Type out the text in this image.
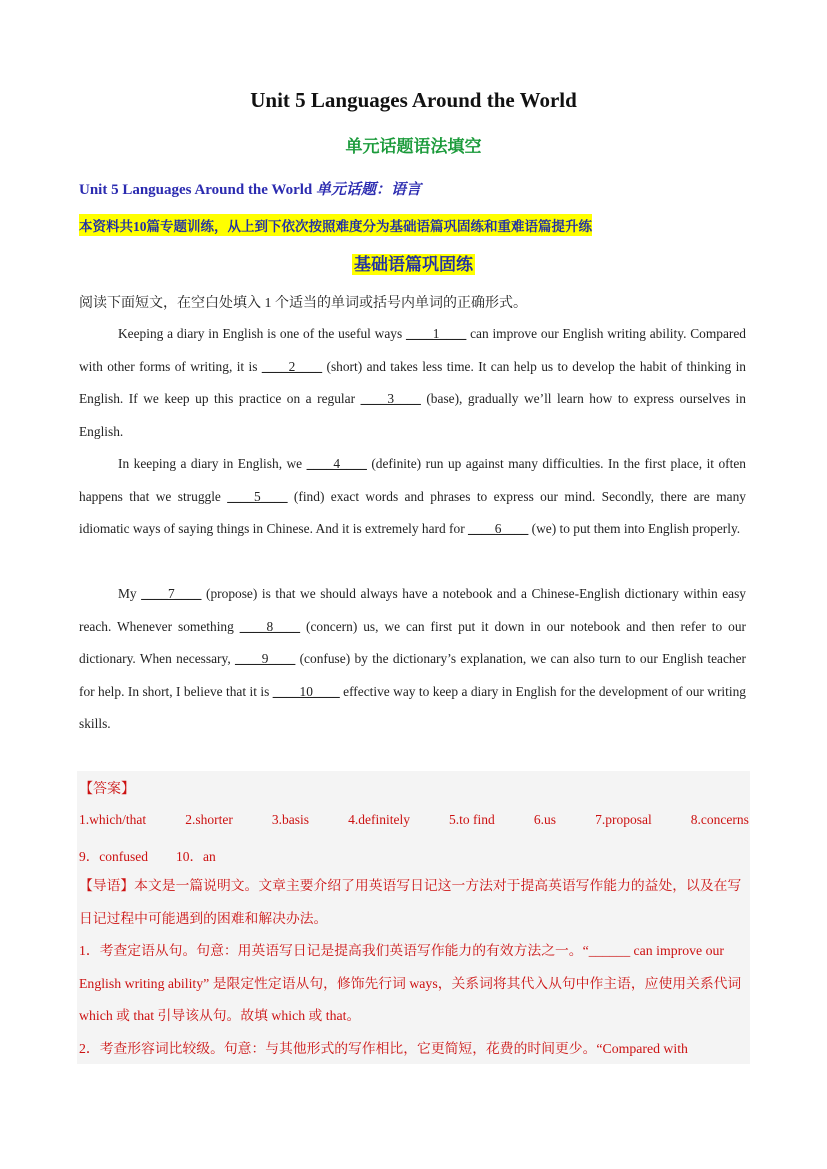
Unit 5 Languages Around the World
单元话题语法填空
Unit 5 Languages Around the World 单元话题：语言
本资料共10篇专题训练，从上到下依次按照难度分为基础语篇巩固练和重难语篇提升练
基础语篇巩固练
阅读下面短文，在空白处填入 1 个适当的单词或括号内单词的正确形式。
Keeping a diary in English is one of the useful ways ____1____ can improve our English writing ability. Compared with other forms of writing, it is ____2____ (short) and takes less time. It can help us to develop the habit of thinking in English. If we keep up this practice on a regular ____3____ (base), gradually we’ll learn how to express ourselves in English.
In keeping a diary in English, we ____4____ (definite) run up against many difficulties. In the first place, it often happens that we struggle ____5____ (find) exact words and phrases to express our mind. Secondly, there are many idiomatic ways of saying things in Chinese. And it is extremely hard for ____6____ (we) to put them into English properly.
My ____7____ (propose) is that we should always have a notebook and a Chinese-English dictionary within easy reach. Whenever something ____8____ (concern) us, we can first put it down in our notebook and then refer to our dictionary. When necessary, ____9____ (confuse) by the dictionary’s explanation, we can also turn to our English teacher for help. In short, I believe that it is ____10____ effective way to keep a diary in English for the development of our writing skills.
【答案】
1.which/that	2.shorter	3.basis	4.definitely	5.to find	6.us	7.proposal	8.concerns
9．confused 10．an
【导语】本文是一篇说明文。文章主要介绍了用英语写日记这一方法对于提高英语写作能力的益处，以及在写日记过程中可能遇到的困难和解决办法。
1．考查定语从句。句意：用英语写日记是提高我们英语写作能力的有效方法之一。“______ can improve our English writing ability” 是限定性定语从句，修饰先行词 ways，关系词将其代入从句中作主语，应使用关系代词 which 或 that 引导该从句。故填 which 或 that。
2．考查形容词比较级。句意：与其他形式的写作相比，它更简短，花费的时间更少。“Compared with
